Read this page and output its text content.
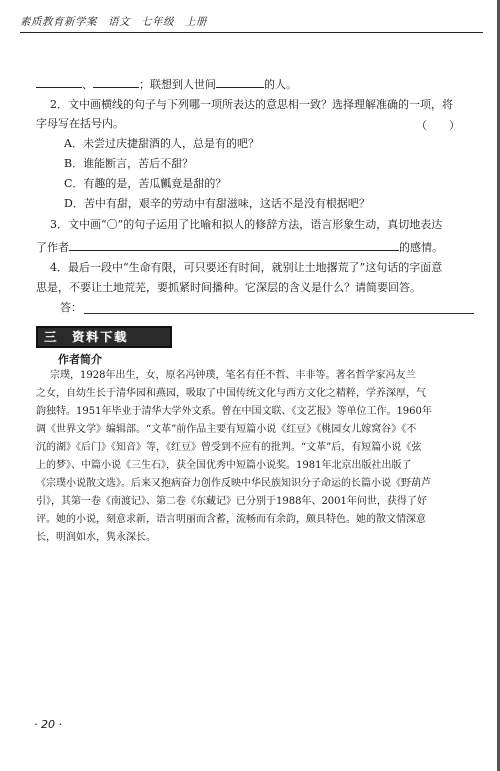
素质教育新学案　语文　七年级　上册
、	；联想到人世间	的人。
2．文中画横线的句子与下列哪一项所表达的意思相一致？选择理解准确的一项，将
字母写在括号内。	（　　）
A．未尝过庆捷甜酒的人，总是有的吧？
B．谁能断言，苦后不甜？
C．有趣的是，苦瓜瓤竟是甜的？
D．苦中有甜，艰辛的劳动中有甜滋味，这话不是没有根据吧？
3．文中画“〇”的句子运用了比喻和拟人的修辞方法，语言形象生动，真切地表达
了作者	的感情。
4．最后一段中“生命有限，可只要还有时间，就别让土地撂荒了”这句话的字面意
思是，不要让土地荒芜，要抓紧时间播种。它深层的含义是什么？请简要回答。
答：
三　资料下载
作者简介
宗璞，1928年出生，女，原名冯钟璞，笔名有任不哲、丰非等。著名哲学家冯友兰
之女，自幼生长于清华园和燕园，吸取了中国传统文化与西方文化之精粹，学养深厚，气
韵独特。1951年毕业于清华大学外文系。曾在中国文联、《文艺报》等单位工作。1960年
调《世界文学》编辑部。“文革”前作品主要有短篇小说《红豆》《桃园女儿嫁窝谷》《不
沉的湖》《后门》《知音》等，《红豆》曾受到不应有的批判。“文革”后，有短篇小说《弦
上的梦》、中篇小说《三生石》，获全国优秀中短篇小说奖。1981年北京出版社出版了
《宗璞小说散文选》。后来又抱病奋力创作反映中华民族知识分子命运的长篇小说《野葫芦
引》，其第一卷《南渡记》、第二卷《东藏记》已分别于1988年、2001年问世，获得了好
评。她的小说，刻意求新，语言明丽而含蓄，流畅而有余韵，颇具特色。她的散文情深意
长，明润如水，隽永深长。
· 20 ·
